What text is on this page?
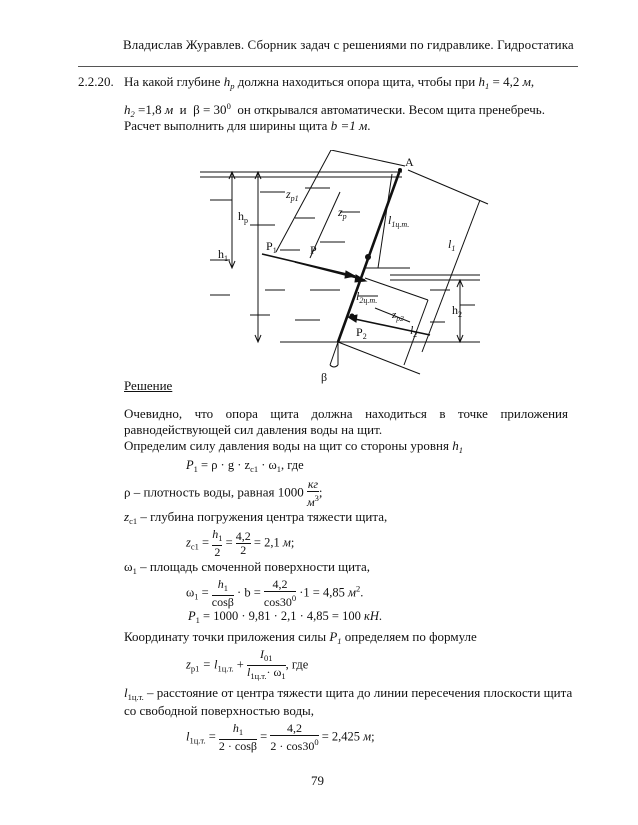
Владислав Журавлев. Сборник задач с решениями по гидравлике. Гидростатика
2.2.20. На какой глубине $h_p$ должна находиться опора щита, чтобы при $h_1 = 4,2$ м,
$h_2 =1,8$ м и $\beta = 30^0$ он открывался автоматически. Весом щита пренебречь.
Расчет выполнить для ширины щита b =1 м.
A
$z_{p1}$
$z_p$	$l_{1ц.т.}$
$l_1$
$h_p$
$h_1$
$P_1$	P
$l_{2ц.т.}$
$z_{p2}$
$h_2$
$l_2$
$P_2$
β
Решение
Очевидно, что опора щита должна находиться в точке приложения
равнодействующей сил давления воды на щит.
Определим силу давления воды на щит со стороны уровня $h_1$
$P_1 = \rho \cdot g \cdot z_{c1} \cdot \omega_1$, где
ρ – плотность воды, равная $1000 \frac{кг}{м^3}$ ;
$z_{c1}$ – глубина погружения центра тяжести щита,
$z_{c1} = \frac{h_1}{2} = \frac{4,2}{2} = 2,1$ м;
$\omega_1$ – площадь смоченной поверхности щита,
$\omega_1 = \frac{h_1}{\cos\beta} \cdot b = \frac{4,2}{\cos 30^0} \cdot 1 = 4,85$ $м^2$.
$P_1 = 1000 \cdot 9,81 \cdot 2,1 \cdot 4,85 = 100$ кН.
Координату точки приложения силы $P_1$ определяем по формуле
$z_{p1} = l_{1ц.т.} + \frac{I_{01}}{l_{1ц.т.}\cdot \omega_1}$ , где
$l_{1ц.т.}$ – расстояние от центра тяжести щита до линии пересечения плоскости щита
со свободной поверхностью воды,
$l_{1ц.т.} = \frac{h_1}{2 \cdot \cos\beta} = \frac{4,2}{2 \cdot \cos 30^0} = 2,425$ м;
79
